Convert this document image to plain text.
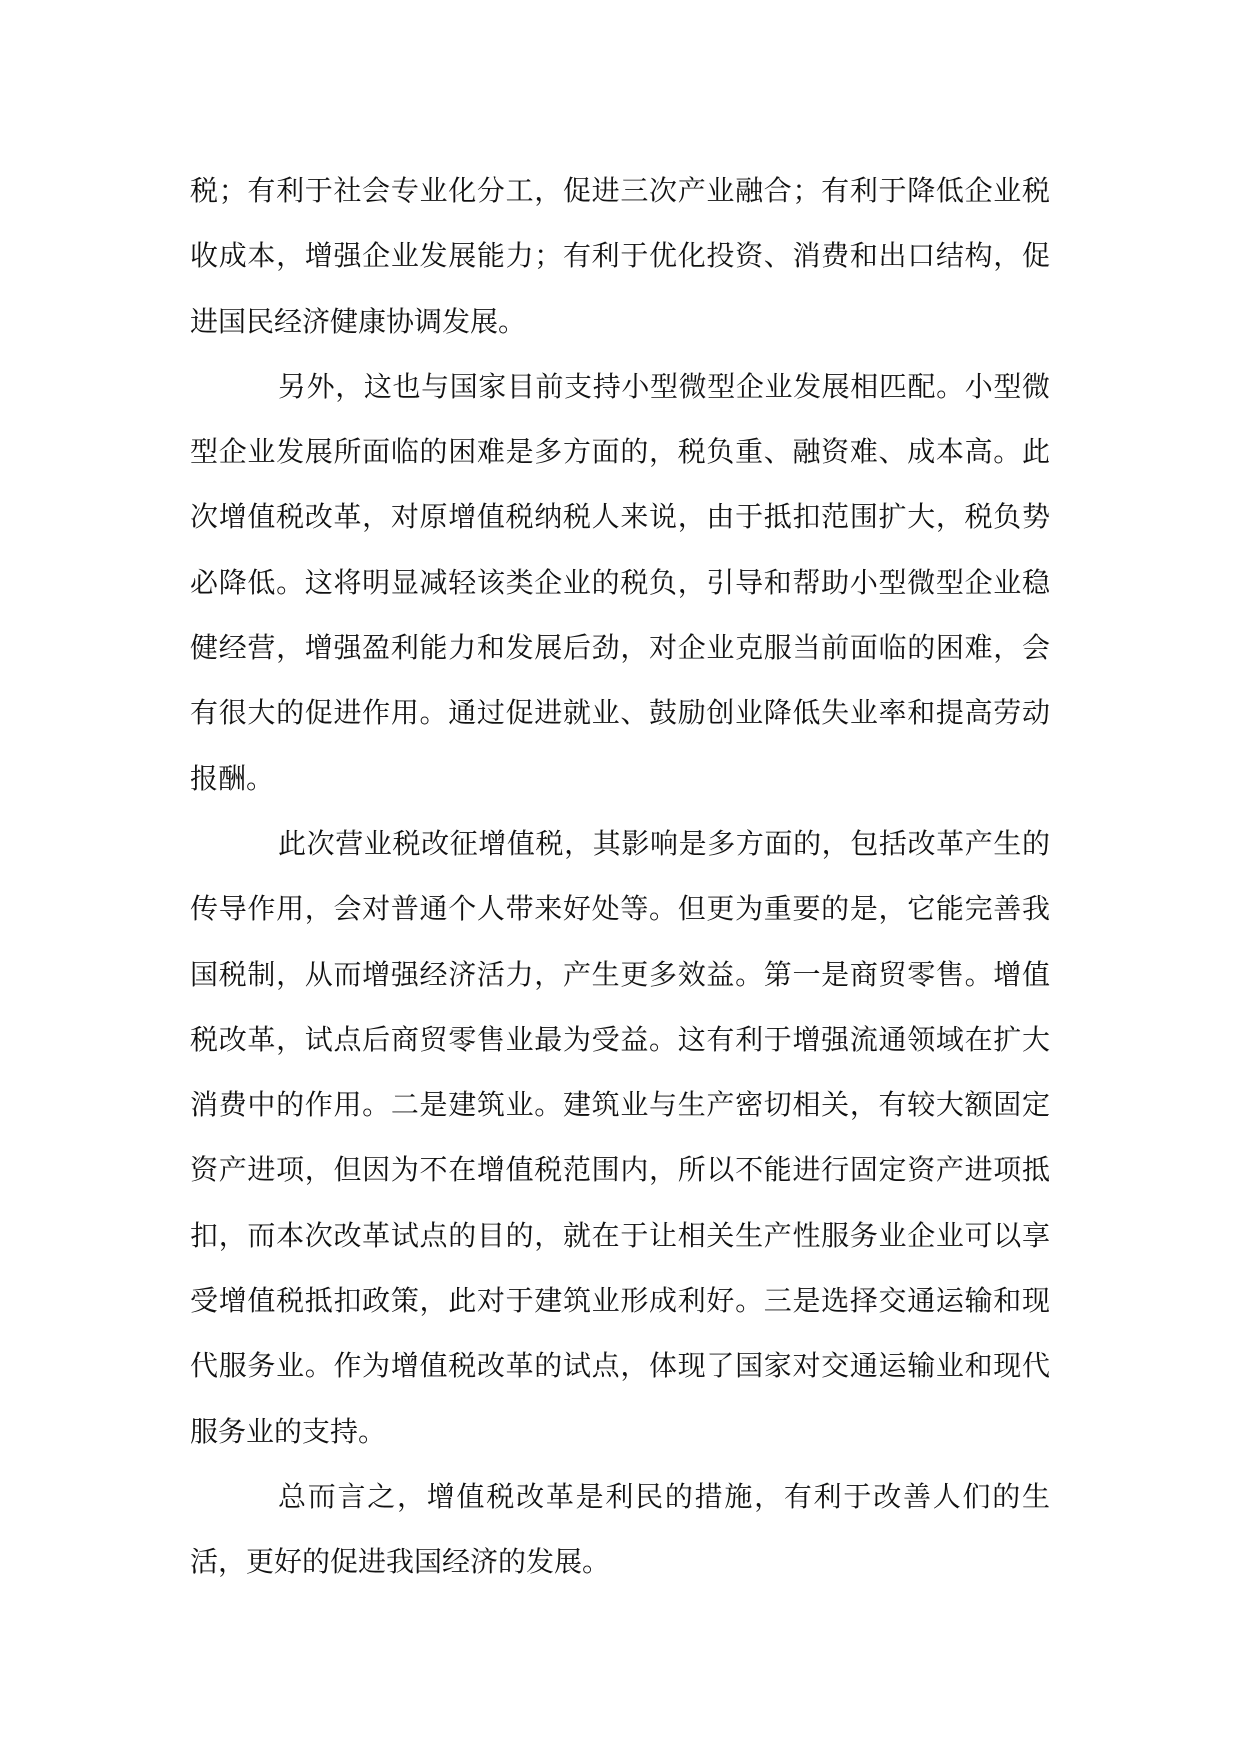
税；有利于社会专业化分工，促进三次产业融合；有利于降低企业税收成本，增强企业发展能力；有利于优化投资、消费和出口结构，促进国民经济健康协调发展。

另外，这也与国家目前支持小型微型企业发展相匹配。小型微型企业发展所面临的困难是多方面的，税负重、融资难、成本高。此次增值税改革，对原增值税纳税人来说，由于抵扣范围扩大，税负势必降低。这将明显减轻该类企业的税负，引导和帮助小型微型企业稳健经营，增强盈利能力和发展后劲，对企业克服当前面临的困难，会有很大的促进作用。通过促进就业、鼓励创业降低失业率和提高劳动报酬。

此次营业税改征增值税，其影响是多方面的，包括改革产生的传导作用，会对普通个人带来好处等。但更为重要的是，它能完善我国税制，从而增强经济活力，产生更多效益。第一是商贸零售。增值税改革，试点后商贸零售业最为受益。这有利于增强流通领域在扩大消费中的作用。二是建筑业。建筑业与生产密切相关，有较大额固定资产进项，但因为不在增值税范围内，所以不能进行固定资产进项抵扣，而本次改革试点的目的，就在于让相关生产性服务业企业可以享受增值税抵扣政策，此对于建筑业形成利好。三是选择交通运输和现代服务业。作为增值税改革的试点，体现了国家对交通运输业和现代服务业的支持。

总而言之，增值税改革是利民的措施，有利于改善人们的生活，更好的促进我国经济的发展。
